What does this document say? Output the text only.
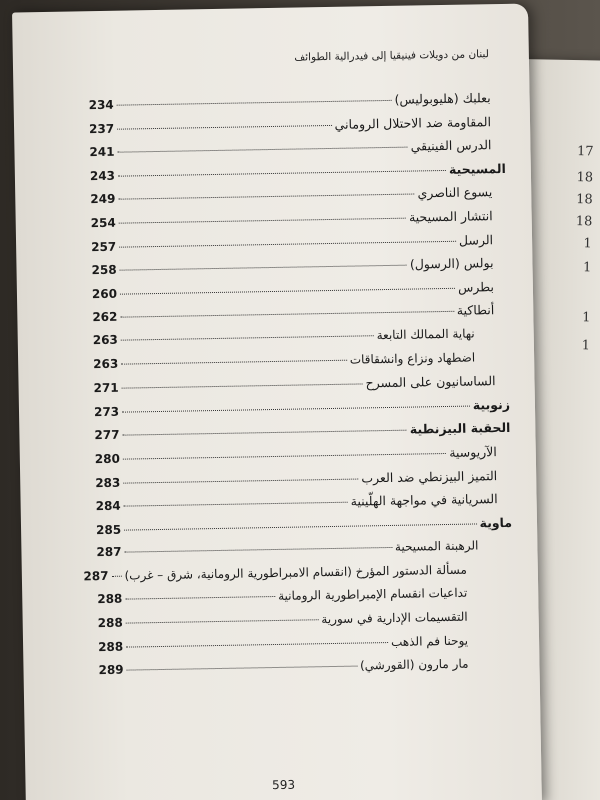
17
18
18
18
1
1
1
1
لبنان من دويلات فينيقيا إلى فيدرالية الطوائف
بعلبك (هليوبوليس)
234
المقاومة ضد الاحتلال الروماني
237
الدرس الفينيقي
241
المسيحية
243
يسوع الناصري
249
انتشار المسيحية
254
الرسل
257
بولس (الرسول)
258
بطرس
260
أنطاكية
262
نهاية الممالك التابعة
263
اضطهاد ونزاع وانشقاقات
263
الساسانيون على المسرح
271
زنوبية
273
الحقبة البيزنطية
277
الآريوسية
280
التميز البيزنطي ضد العرب
283
السريانية في مواجهة الهلّينية
284
ماوية
285
الرهبنة المسيحية
287
مسألة الدستور المؤرخ (انقسام الامبراطورية الرومانية، شرق – غرب)
287
تداعيات انقسام الإمبراطورية الرومانية
288
التقسيمات الإدارية في سورية
288
يوحنا فم الذهب
288
مار مارون (القورشي)
289
593
